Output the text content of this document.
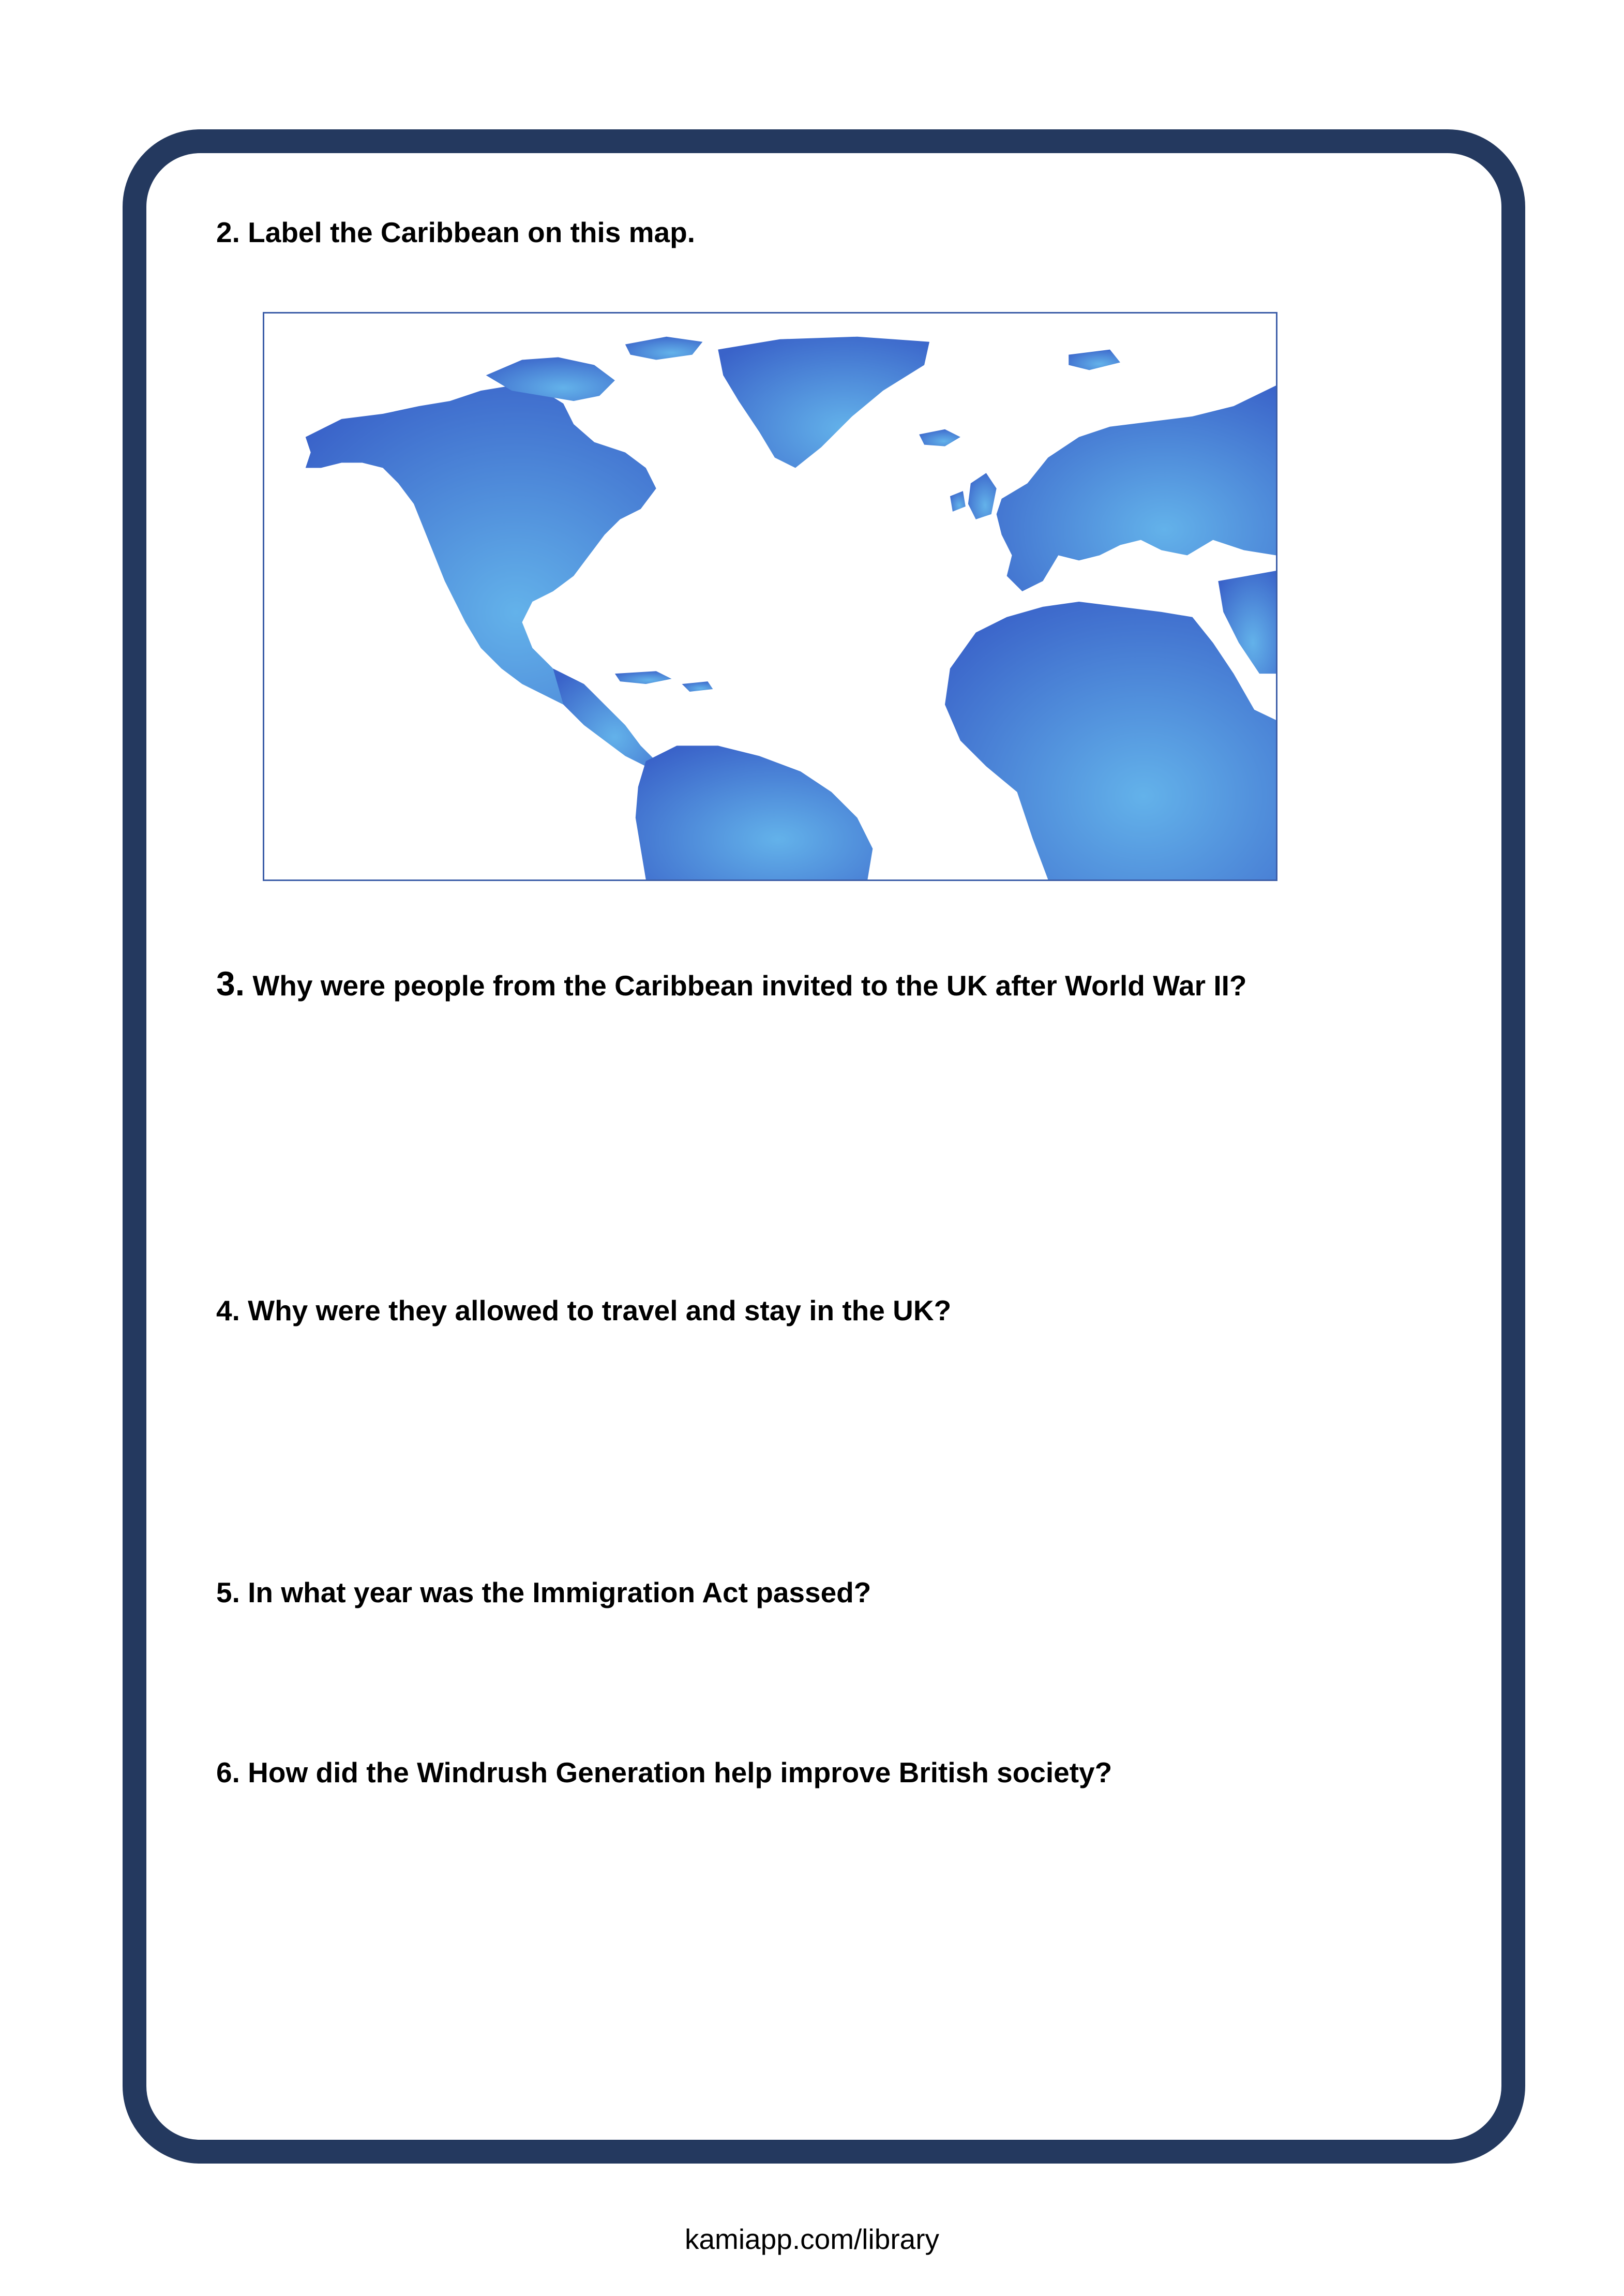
2. Label the Caribbean on this map.

3. Why were people from the Caribbean invited to the UK after World War II?

4. Why were they allowed to travel and stay in the UK?

5. In what year was the Immigration Act passed?

6. How did the Windrush Generation help improve British society?

kamiapp.com/library
